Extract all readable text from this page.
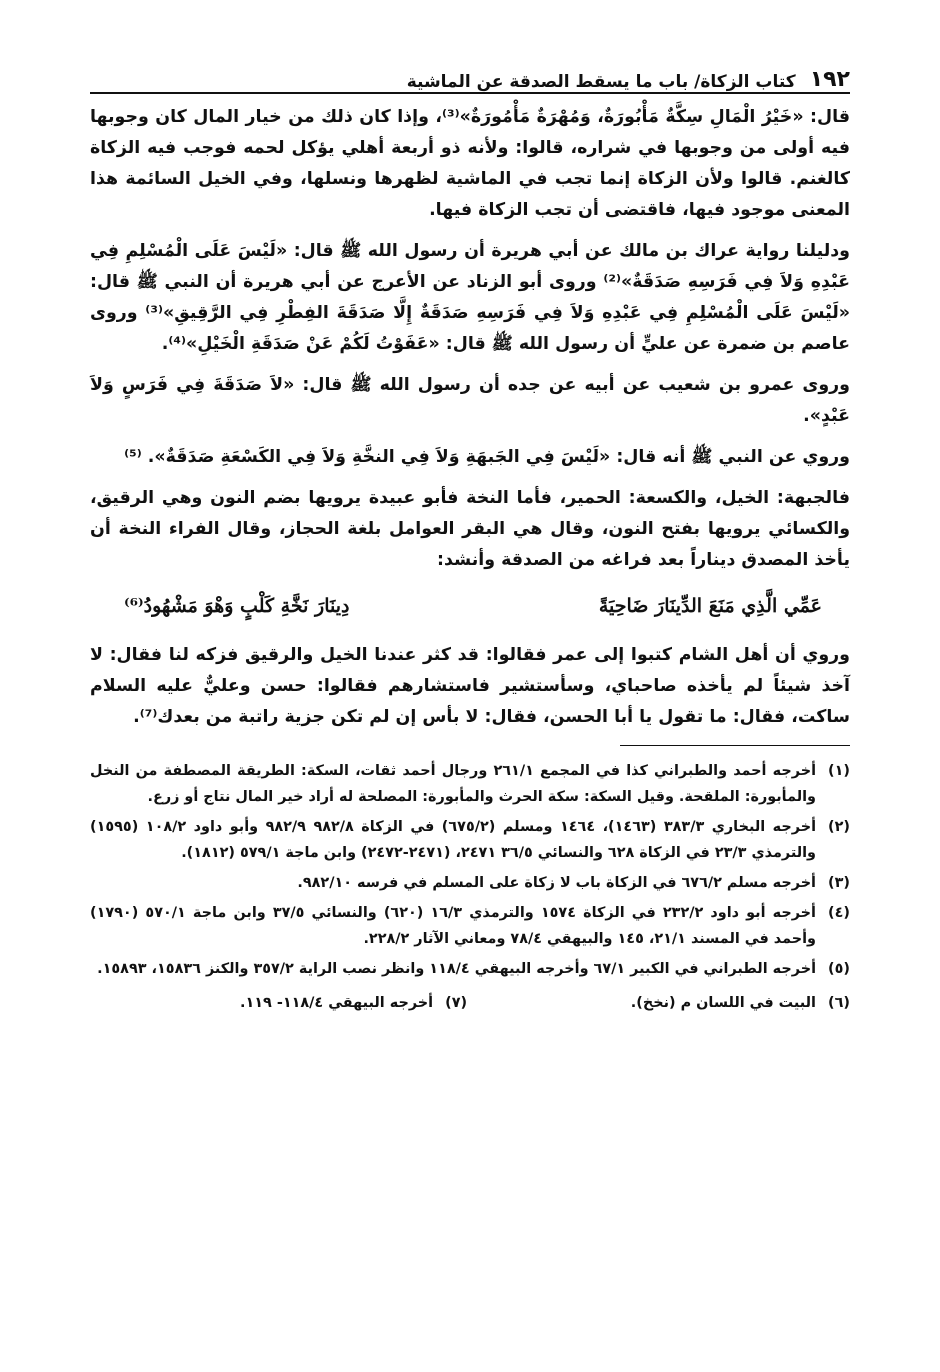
١٩٢
كتاب الزكاة/ باب ما يسقط الصدقة عن الماشية

قال: «خَيْرُ الْمَالِ سِكَّةٌ مَأْبُورَةٌ، وَمُهْرَةٌ مَأْمُورَةٌ»⁽³⁾، وإذا كان ذلك من خيار المال كان وجوبها فيه أولى من وجوبها في شراره، قالوا: ولأنه ذو أربعة أهلي يؤكل لحمه فوجب فيه الزكاة كالغنم. قالوا ولأن الزكاة إنما تجب في الماشية لظهرها ونسلها، وفي الخيل السائمة هذا المعنى موجود فيها، فاقتضى أن تجب الزكاة فيها.

ودليلنا رواية عراك بن مالك عن أبي هريرة أن رسول الله ﷺ قال: «لَيْسَ عَلَى الْمُسْلِمِ فِي عَبْدِهِ وَلاَ فِي فَرَسِهِ صَدَقَةٌ»⁽²⁾ وروى أبو الزناد عن الأعرج عن أبي هريرة أن النبي ﷺ قال: «لَيْسَ عَلَى الْمُسْلِمِ فِي عَبْدِهِ وَلاَ فِي فَرَسِهِ صَدَقَةٌ إِلَّا صَدَقَةَ الفِطْرِ فِي الرَّقِيقِ»⁽³⁾ وروى عاصم بن ضمرة عن عليٍّ أن رسول الله ﷺ قال: «عَفَوْتُ لَكُمْ عَنْ صَدَقَةِ الْخَيْلِ»⁽⁴⁾.

وروى عمرو بن شعيب عن أبيه عن جده أن رسول الله ﷺ قال: «لاَ صَدَقَةَ فِي فَرَسٍ وَلاَ عَبْدٍ».

وروي عن النبي ﷺ أنه قال: «لَيْسَ فِي الجَبهَةِ وَلاَ فِي النخَّةِ وَلاَ فِي الكَسْعَةِ صَدَقَةٌ». ⁽⁵⁾

فالجبهة: الخيل، والكسعة: الحمير، فأما النخة فأبو عبيدة يرويها بضم النون وهي الرقيق، والكسائي يرويها بفتح النون، وقال هي البقر العوامل بلغة الحجاز، وقال الفراء النخة أن يأخذ المصدق ديناراً بعد فراغه من الصدقة وأنشد:

عَمِّي الَّذِي مَنَعَ الدِّينَارَ ضَاحِيَةً
دِينَارَ نَخَّةِ كَلْبٍ وَهْوَ مَشْهُودُ⁽⁶⁾

وروي أن أهل الشام كتبوا إلى عمر فقالوا: قد كثر عندنا الخيل والرقيق فزكه لنا فقال: لا آخذ شيئاً لم يأخذه صاحباي، وسأستشير فاستشارهم فقالوا: حسن وعليٌّ عليه السلام ساكت، فقال: ما تقول يا أبا الحسن، فقال: لا بأس إن لم تكن جزية راتبة من بعدك⁽⁷⁾.

(١)
أخرجه أحمد والطبراني كذا في المجمع ٢٦١/١ ورجال أحمد ثقات، السكة: الطريقة المصطفة من النخل والمأبورة: الملقحة. وقيل السكة: سكة الحرث والمأبورة: المصلحة له أراد خير المال نتاج أو زرع.
(٢)
أخرجه البخاري ٣٨٣/٣ (١٤٦٣)، ١٤٦٤ ومسلم (٦٧٥/٢) في الزكاة ٩٨٢/٨ ٩٨٢/٩ وأبو داود ١٠٨/٢ (١٥٩٥) والترمذي ٢٣/٣ في الزكاة ٦٢٨ والنسائي ٣٦/٥ ٢٤٧١، (٢٤٧١-٢٤٧٢) وابن ماجة ٥٧٩/١ (١٨١٢).
(٣)
أخرجه مسلم ٦٧٦/٢ في الزكاة باب لا زكاة على المسلم في فرسه ٩٨٢/١٠.
(٤)
أخرجه أبو داود ٢٣٢/٢ في الزكاة ١٥٧٤ والترمذي ١٦/٣ (٦٢٠) والنسائي ٣٧/٥ وابن ماجة ٥٧٠/١ (١٧٩٠) وأحمد في المسند ٢١/١، ١٤٥ والبيهقي ٧٨/٤ ومعاني الآثار ٢٢٨/٢.
(٥)
أخرجه الطبراني في الكبير ٦٧/١ وأخرجه البيهقي ١١٨/٤ وانظر نصب الراية ٣٥٧/٢ والكنز ١٥٨٣٦، ١٥٨٩٣.
(٦)
البيت في اللسان م (نخخ).
(٧)
أخرجه البيهقي ١١٨/٤- ١١٩.
